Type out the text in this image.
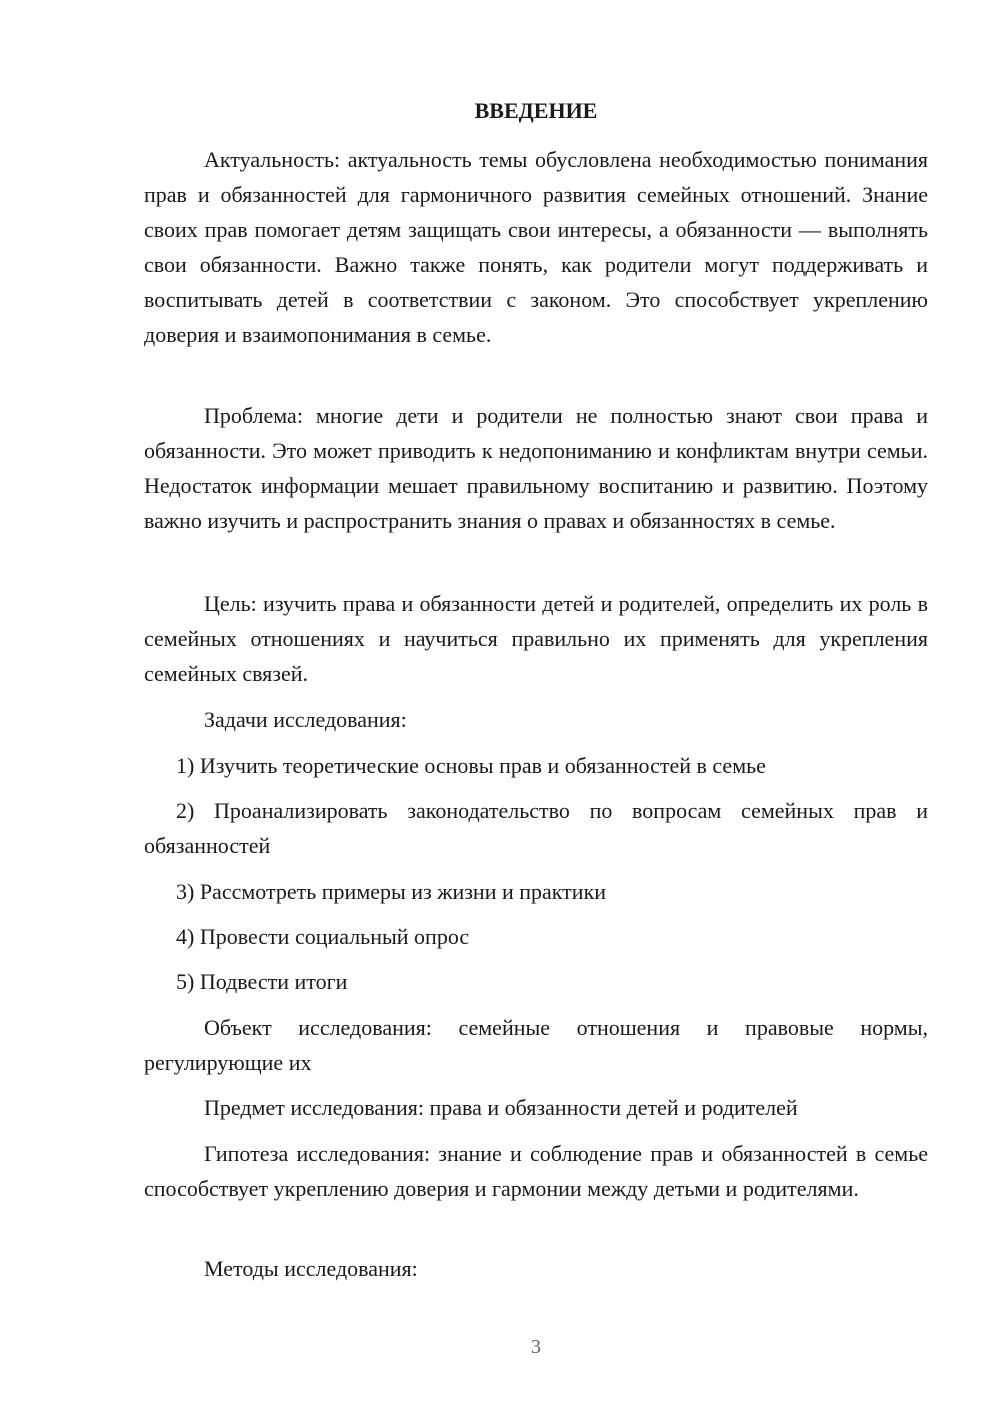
ВВЕДЕНИЕ

Актуальность: актуальность темы обусловлена необходимостью понимания прав и обязанностей для гармоничного развития семейных отношений. Знание своих прав помогает детям защищать свои интересы, а обязанности — выполнять свои обязанности. Важно также понять, как родители могут поддерживать и воспитывать детей в соответствии с законом. Это способствует укреплению доверия и взаимопонимания в семье.

Проблема: многие дети и родители не полностью знают свои права и обязанности. Это может приводить к недопониманию и конфликтам внутри семьи. Недостаток информации мешает правильному воспитанию и развитию. Поэтому важно изучить и распространить знания о правах и обязанностях в семье.

Цель: изучить права и обязанности детей и родителей, определить их роль в семейных отношениях и научиться правильно их применять для укрепления семейных связей.

Задачи исследования:

1) Изучить теоретические основы прав и обязанностей в семье

2) Проанализировать законодательство по вопросам семейных прав и обязанностей

3) Рассмотреть примеры из жизни и практики

4) Провести социальный опрос

5) Подвести итоги

Объект исследования: семейные отношения и правовые нормы, регулирующие их

Предмет исследования: права и обязанности детей и родителей

Гипотеза исследования: знание и соблюдение прав и обязанностей в семье способствует укреплению доверия и гармонии между детьми и родителями.

Методы исследования:

3
